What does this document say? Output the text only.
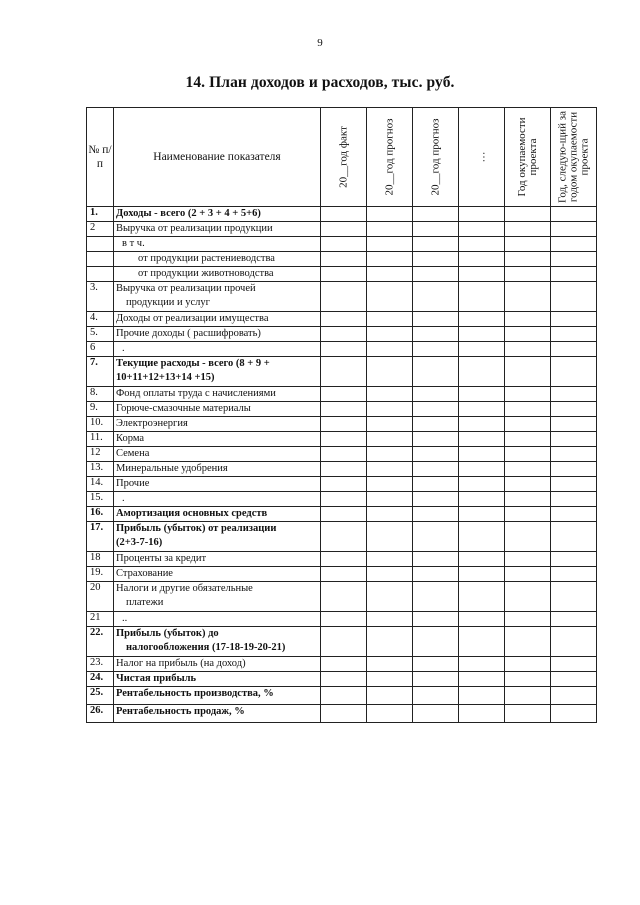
9
14. План доходов и расходов, тыс. руб.
№ п/п	Наименование показателя	20__год факт	20__год прогноз	20__год прогноз	…	Год окупаемости проекта	Год, следую-щий за годом окупаемости проекта

1.	Доходы - всего (2 + 3 + 4 + 5+6)						
2	Выручка от реализации продукции						
	в т ч.						
	от продукции растениеводства						
	от продукции животноводства						
3.	Выручка от реализации прочей
продукции и услуг						
4.	Доходы от реализации имущества						
5.	Прочие доходы ( расшифровать)						
6	.						
7.	Текущие расходы - всего (8 + 9 +
10+11+12+13+14 +15)						
8.	Фонд оплаты труда с начислениями						
9.	Горюче-смазочные материалы						
10.	Электроэнергия						
11.	Корма						
12	Семена						
13.	Минеральные удобрения						
14.	Прочие						
15.	.						
16.	Амортизация основных средств						
17.	Прибыль (убыток) от реализации
(2+3-7-16)						
18	Проценты за кредит						
19.	Страхование						
20	Налоги и другие обязательные
платежи						
21	..						
22.	Прибыль (убыток) до
налогообложения (17-18-19-20-21)						
23.	Налог на прибыль (на доход)						
24.	Чистая прибыль						
25.	Рентабельность производства, %						
26.	Рентабельность продаж, %						
